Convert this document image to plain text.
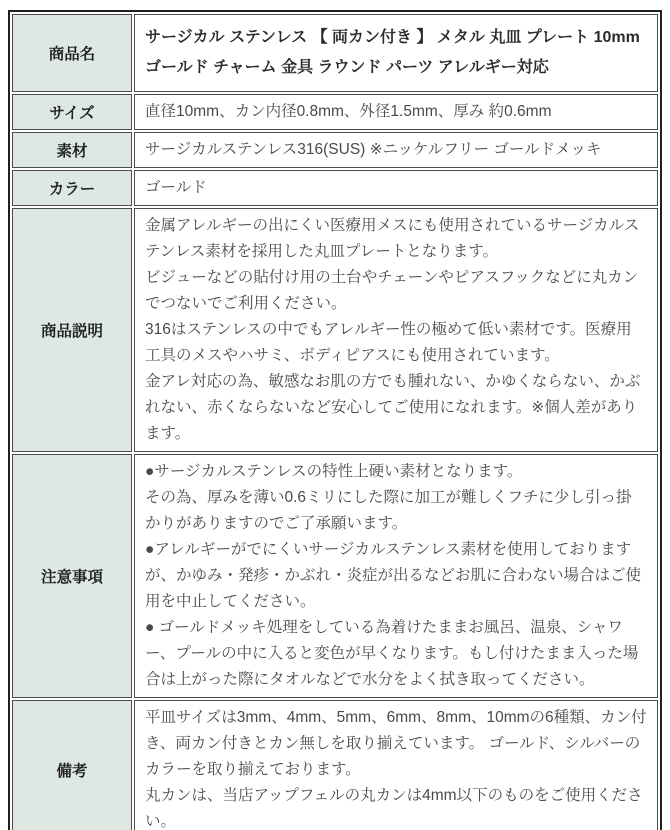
商品名	サージカル ステンレス 【 両カン付き 】 メタル 丸皿 プレート 10mm ゴールド チャーム 金具 ラウンド パーツ アレルギー対応

サイズ	直径10mm、カン内径0.8mm、外径1.5mm、厚み 約0.6mm

素材	サージカルステンレス316(SUS) ※ニッケルフリー ゴールドメッキ

カラー	ゴールド

商品説明	金属アレルギーの出にくい医療用メスにも使用されているサージカルステンレス素材を採用した丸皿プレートとなります。
ビジューなどの貼付け用の土台やチェーンやピアスフックなどに丸カンでつないでご利用ください。
316はステンレスの中でもアレルギー性の極めて低い素材です。医療用工具のメスやハサミ、ボディピアスにも使用されています。
金アレ対応の為、敏感なお肌の方でも腫れない、かゆくならない、かぶれない、赤くならないなど安心してご使用になれます。※個人差があります。

注意事項	●サージカルステンレスの特性上硬い素材となります。
その為、厚みを薄い0.6ミリにした際に加工が難しくフチに少し引っ掛かりがありますのでご了承願います。
●アレルギーがでにくいサージカルステンレス素材を使用しておりますが、かゆみ・発疹・かぶれ・炎症が出るなどお肌に合わない場合はご使用を中止してください。
● ゴールドメッキ処理をしている為着けたままお風呂、温泉、シャワー、プールの中に入ると変色が早くなります。もし付けたまま入った場合は上がった際にタオルなどで水分をよく拭き取ってください。

備考	平皿サイズは3mm、4mm、5mm、6mm、8mm、10mmの6種類、カン付き、両カン付きとカン無しを取り揃えています。 ゴールド、シルバーのカラーを取り揃えております。
丸カンは、当店アップフェルの丸カンは4mm以下のものをご使用ください。
